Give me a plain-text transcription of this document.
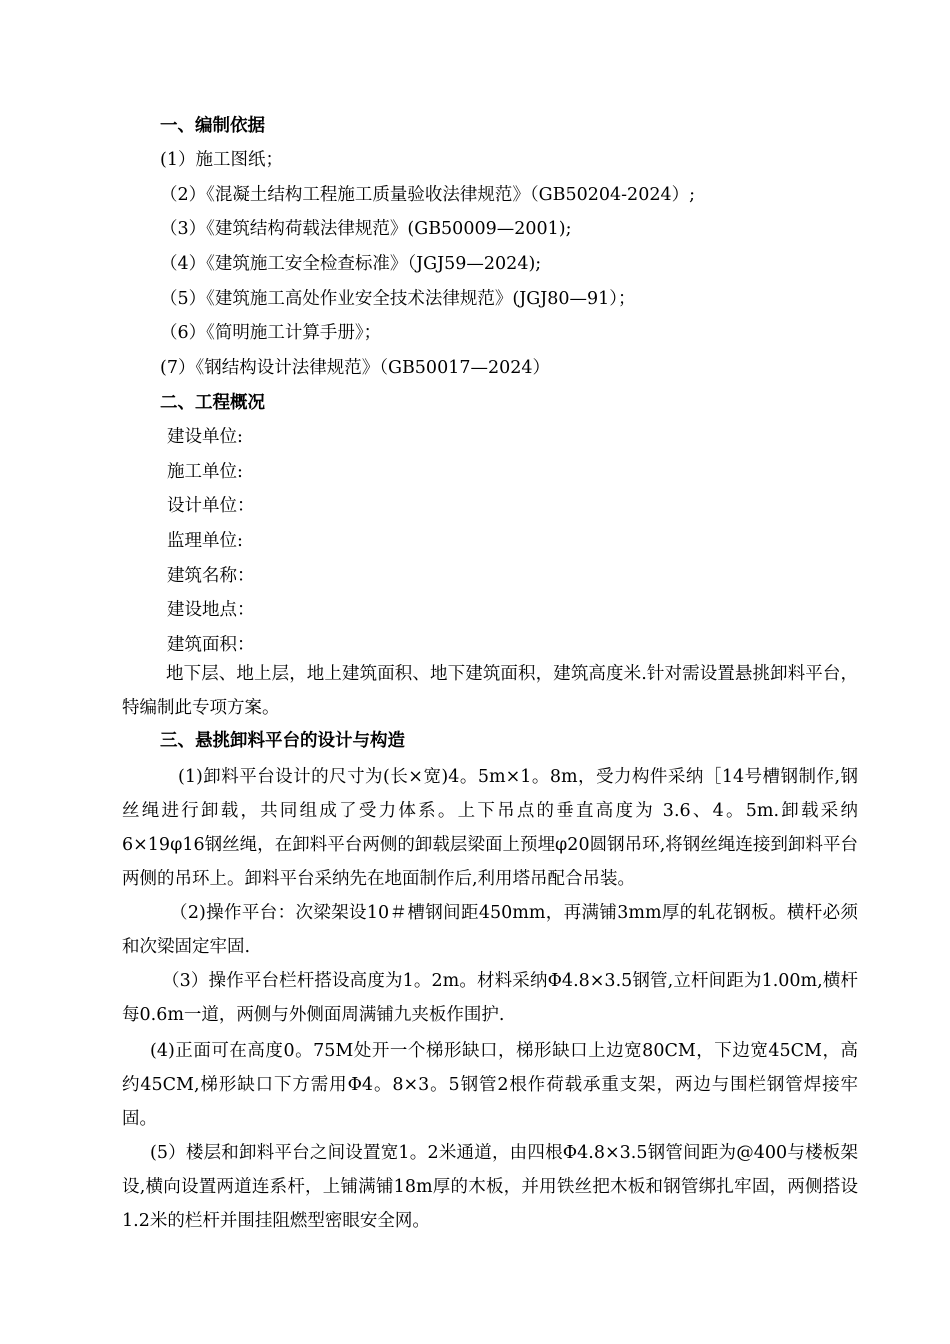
一、编制依据
(1）施工图纸；
（2）《混凝土结构工程施工质量验收法律规范》（GB50204-2024）;
（3）《建筑结构荷载法律规范》(GB50009—2001);
（4）《建筑施工安全检查标准》（JGJ59—2024);
（5）《建筑施工高处作业安全技术法律规范》(JGJ80—91）；
（6）《简明施工计算手册》；
(7）《钢结构设计法律规范》（GB50017—2024）
二、工程概况
建设单位:
施工单位:
设计单位：
监理单位:
建筑名称：
建设地点：
建筑面积：
地下层、地上层，地上建筑面积、地下建筑面积，建筑高度米.针对需设置悬挑卸料平台，特编制此专项方案。
三、悬挑卸料平台的设计与构造
(1)卸料平台设计的尺寸为(长×宽)4。5m×1。8m，受力构件采纳［14号槽钢制作,钢丝绳进行卸载，共同组成了受力体系。上下吊点的垂直高度为 3.6、4。5m.卸载采纳6×19φ16钢丝绳，在卸料平台两侧的卸载层梁面上预埋φ20圆钢吊环,将钢丝绳连接到卸料平台两侧的吊环上。卸料平台采纳先在地面制作后,利用塔吊配合吊装。
（2)操作平台：次梁架设10＃槽钢间距450mm，再满铺3mm厚的轧花钢板。横杆必须和次梁固定牢固.
（3）操作平台栏杆搭设高度为1。2m。材料采纳Φ4.8×3.5钢管,立杆间距为1.00m,横杆每0.6m一道，两侧与外侧面周满铺九夹板作围护.
(4)正面可在高度0。75M处开一个梯形缺口，梯形缺口上边宽80CM，下边宽45CM，高约45CM,梯形缺口下方需用Φ4。8×3。5钢管2根作荷载承重支架，两边与围栏钢管焊接牢固。
(5）楼层和卸料平台之间设置宽1。2米通道，由四根Φ4.8×3.5钢管间距为@400与楼板架设,横向设置两道连系杆，上铺满铺18m厚的木板，并用铁丝把木板和钢管绑扎牢固，两侧搭设1.2米的栏杆并围挂阻燃型密眼安全网。
